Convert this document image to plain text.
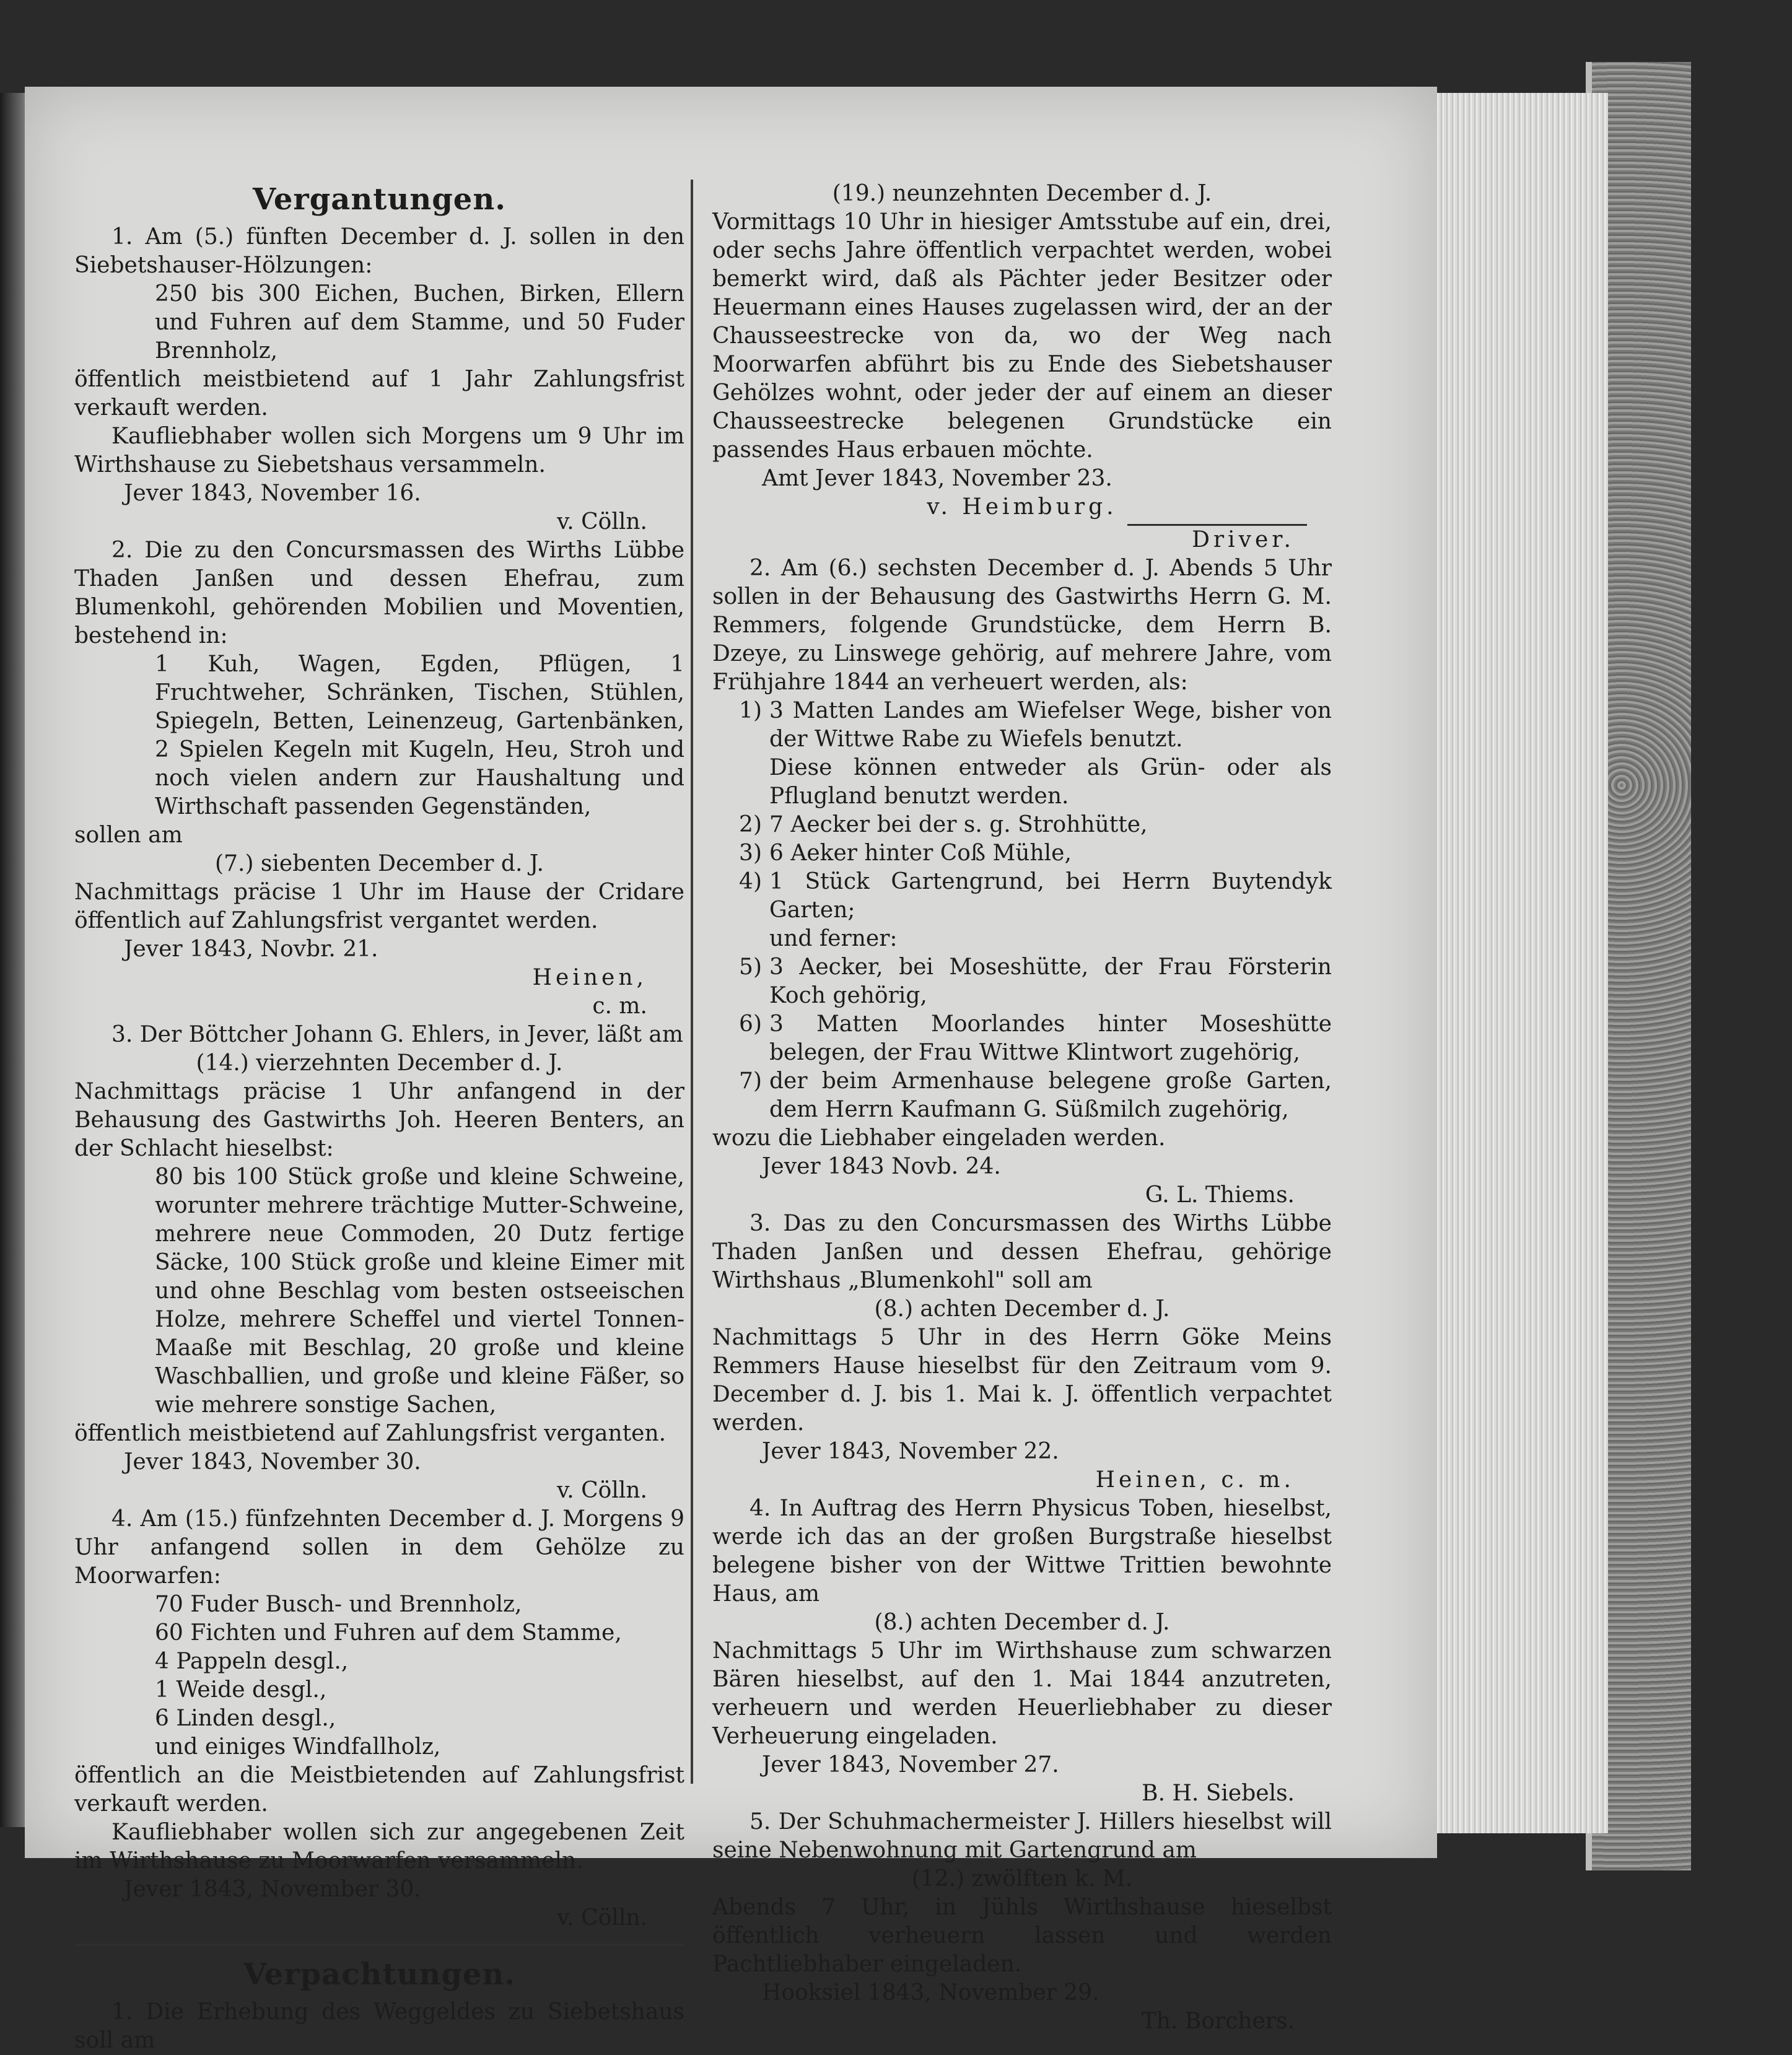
Vergantungen.

1. Am (5.) fünften December d. J. sollen in den Siebetshauser-Hölzungen:

250 bis 300 Eichen, Buchen, Birken, Ellern und Fuhren auf dem Stamme, und 50 Fuder Brennholz,

öffentlich meistbietend auf 1 Jahr Zahlungsfrist verkauft werden.

Kaufliebhaber wollen sich Morgens um 9 Uhr im Wirthshause zu Siebetshaus versammeln.

Jever 1843, November 16.

v. Cölln.

2. Die zu den Concursmassen des Wirths Lübbe Thaden Janßen und dessen Ehefrau, zum Blumenkohl, gehörenden Mobilien und Moventien, bestehend in:

1 Kuh, Wagen, Egden, Pflügen, 1 Fruchtweher, Schränken, Tischen, Stühlen, Spiegeln, Betten, Leinenzeug, Gartenbänken, 2 Spielen Kegeln mit Kugeln, Heu, Stroh und noch vielen andern zur Haushaltung und Wirthschaft passenden Gegenständen,

sollen am

(7.) siebenten December d. J.

Nachmittags präcise 1 Uhr im Hause der Cridare öffentlich auf Zahlungsfrist vergantet werden.

Jever 1843, Novbr. 21.

Heinen,

c. m.

3. Der Böttcher Johann G. Ehlers, in Jever, läßt am

(14.) vierzehnten December d. J.

Nachmittags präcise 1 Uhr anfangend in der Behausung des Gastwirths Joh. Heeren Benters, an der Schlacht hieselbst:

80 bis 100 Stück große und kleine Schweine, worunter mehrere trächtige Mutter-Schweine, mehrere neue Commoden, 20 Dutz fertige Säcke, 100 Stück große und kleine Eimer mit und ohne Beschlag vom besten ostseeischen Holze, mehrere Scheffel und viertel Tonnen-Maaße mit Beschlag, 20 große und kleine Waschballien, und große und kleine Fäßer, so wie mehrere sonstige Sachen,

öffentlich meistbietend auf Zahlungsfrist verganten.

Jever 1843, November 30.

v. Cölln.

4. Am (15.) fünfzehnten December d. J. Morgens 9 Uhr anfangend sollen in dem Gehölze zu Moorwarfen:

70 Fuder Busch- und Brennholz,

60 Fichten und Fuhren auf dem Stamme,

4 Pappeln desgl.,

1 Weide desgl.,

6 Linden desgl.,

und einiges Windfallholz,

öffentlich an die Meistbietenden auf Zahlungsfrist verkauft werden.

Kaufliebhaber wollen sich zur angegebenen Zeit im Wirthshause zu Moorwarfen versammeln.

Jever 1843, November 30.

v. Cölln.

Verpachtungen.

1. Die Erhebung des Weggeldes zu Siebetshaus soll am

(19.) neunzehnten December d. J.

Vormittags 10 Uhr in hiesiger Amtsstube auf ein, drei, oder sechs Jahre öffentlich verpachtet werden, wobei bemerkt wird, daß als Pächter jeder Besitzer oder Heuermann eines Hauses zugelassen wird, der an der Chausseestrecke von da, wo der Weg nach Moorwarfen abführt bis zu Ende des Siebetshauser Gehölzes wohnt, oder jeder der auf einem an dieser Chausseestrecke belegenen Grundstücke ein passendes Haus erbauen möchte.

Amt Jever 1843, November 23.

v. Heimburg.

Driver.

2. Am (6.) sechsten December d. J. Abends 5 Uhr sollen in der Behausung des Gastwirths Herrn G. M. Remmers, folgende Grundstücke, dem Herrn B. Dzeye, zu Linswege gehörig, auf mehrere Jahre, vom Frühjahre 1844 an verheuert werden, als:

1) 3 Matten Landes am Wiefelser Wege, bisher von der Wittwe Rabe zu Wiefels benutzt.
Diese können entweder als Grün- oder als Pflugland benutzt werden.
2) 7 Aecker bei der s. g. Strohhütte,
3) 6 Aeker hinter Coß Mühle,
4) 1 Stück Gartengrund, bei Herrn Buytendyk Garten;
und ferner:
5) 3 Aecker, bei Moseshütte, der Frau Försterin Koch gehörig,
6) 3 Matten Moorlandes hinter Moseshütte belegen, der Frau Wittwe Klintwort zugehörig,
7) der beim Armenhause belegene große Garten, dem Herrn Kaufmann G. Süßmilch zugehörig,

wozu die Liebhaber eingeladen werden.

Jever 1843 Novb. 24.

G. L. Thiems.

3. Das zu den Concursmassen des Wirths Lübbe Thaden Janßen und dessen Ehefrau, gehörige Wirthshaus „Blumenkohl" soll am

(8.) achten December d. J.

Nachmittags 5 Uhr in des Herrn Göke Meins Remmers Hause hieselbst für den Zeitraum vom 9. December d. J. bis 1. Mai k. J. öffentlich verpachtet werden.

Jever 1843, November 22.

Heinen, c. m.

4. In Auftrag des Herrn Physicus Toben, hieselbst, werde ich das an der großen Burgstraße hieselbst belegene bisher von der Wittwe Trittien bewohnte Haus, am

(8.) achten December d. J.

Nachmittags 5 Uhr im Wirthshause zum schwarzen Bären hieselbst, auf den 1. Mai 1844 anzutreten, verheuern und werden Heuerliebhaber zu dieser Verheuerung eingeladen.

Jever 1843, November 27.

B. H. Siebels.

5. Der Schuhmachermeister J. Hillers hieselbst will seine Nebenwohnung mit Gartengrund am

(12.) zwölften k. M.

Abends 7 Uhr, in Jühls Wirthshause hieselbst öffentlich verheuern lassen und werden Pachtliebhaber eingeladen.

Hooksiel 1843, November 29.

Th. Borchers.
